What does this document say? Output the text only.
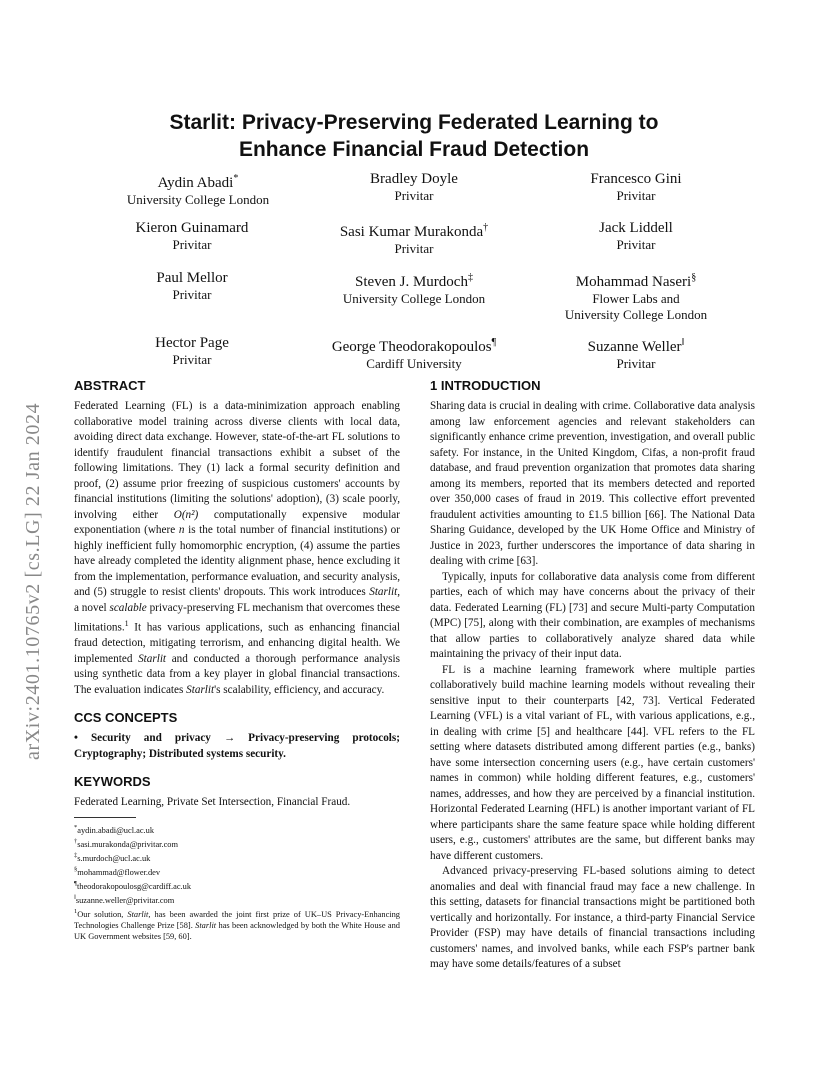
arXiv:2401.10765v2 [cs.LG] 22 Jan 2024
Starlit: Privacy-Preserving Federated Learning to
Enhance Financial Fraud Detection
Aydin Abadi*
University College London
Bradley Doyle
Privitar
Francesco Gini
Privitar
Kieron Guinamard
Privitar
Sasi Kumar Murakonda†
Privitar
Jack Liddell
Privitar
Paul Mellor
Privitar
Steven J. Murdoch‡
University College London
Mohammad Naseri§
Flower Labs and
University College London
Hector Page
Privitar
George Theodorakopoulos¶
Cardiff University
Suzanne Weller‖
Privitar
ABSTRACT

Federated Learning (FL) is a data-minimization approach enabling collaborative model training across diverse clients with local data, avoiding direct data exchange. However, state-of-the-art FL solutions to identify fraudulent financial transactions exhibit a subset of the following limitations. They (1) lack a formal security definition and proof, (2) assume prior freezing of suspicious customers' accounts by financial institutions (limiting the solutions' adoption), (3) scale poorly, involving either O(n²) computationally expensive modular exponentiation (where n is the total number of financial institutions) or highly inefficient fully homomorphic encryption, (4) assume the parties have already completed the identity alignment phase, hence excluding it from the implementation, performance evaluation, and security analysis, and (5) struggle to resist clients' dropouts. This work introduces Starlit, a novel scalable privacy-preserving FL mechanism that overcomes these limitations.$^1$ It has various applications, such as enhancing financial fraud detection, mitigating terrorism, and enhancing digital health. We implemented Starlit and conducted a thorough performance analysis using synthetic data from a key player in global financial transactions. The evaluation indicates Starlit's scalability, efficiency, and accuracy.

CCS CONCEPTS

• Security and privacy → Privacy-preserving protocols; Cryptography; Distributed systems security.

KEYWORDS

Federated Learning, Private Set Intersection, Financial Fraud.

*aydin.abadi@ucl.ac.uk

†sasi.murakonda@privitar.com

‡s.murdoch@ucl.ac.uk

§mohammad@flower.dev

¶theodorakopoulosg@cardiff.ac.uk

‖suzanne.weller@privitar.com

$^1$Our solution, Starlit, has been awarded the joint first prize of UK–US Privacy-Enhancing Technologies Challenge Prize [58]. Starlit has been acknowledged by both the White House and UK Government websites [59, 60].

1 INTRODUCTION

Sharing data is crucial in dealing with crime. Collaborative data analysis among law enforcement agencies and relevant stakeholders can significantly enhance crime prevention, investigation, and overall public safety. For instance, in the United Kingdom, Cifas, a non-profit fraud database, and fraud prevention organization that promotes data sharing among its members, reported that its members detected and reported over 350,000 cases of fraud in 2019. This collective effort prevented fraudulent activities amounting to £1.5 billion [66]. The National Data Sharing Guidance, developed by the UK Home Office and Ministry of Justice in 2023, further underscores the importance of data sharing in dealing with crime [63].

Typically, inputs for collaborative data analysis come from different parties, each of which may have concerns about the privacy of their data. Federated Learning (FL) [73] and secure Multi-party Computation (MPC) [75], along with their combination, are examples of mechanisms that allow parties to collaboratively analyze shared data while maintaining the privacy of their input data.

FL is a machine learning framework where multiple parties collaboratively build machine learning models without revealing their sensitive input to their counterparts [42, 73]. Vertical Federated Learning (VFL) is a vital variant of FL, with various applications, e.g., in dealing with crime [5] and healthcare [44]. VFL refers to the FL setting where datasets distributed among different parties (e.g., banks) have some intersection concerning users (e.g., have certain customers' names in common) while holding different features, e.g., customers' names, addresses, and how they are perceived by a financial institution. Horizontal Federated Learning (HFL) is another important variant of FL where participants share the same feature space while holding different users, e.g., customers' attributes are the same, but different banks may have different customers.

Advanced privacy-preserving FL-based solutions aiming to detect anomalies and deal with financial fraud may face a new challenge. In this setting, datasets for financial transactions might be partitioned both vertically and horizontally. For instance, a third-party Financial Service Provider (FSP) may have details of financial transactions including customers' names, and involved banks, while each FSP's partner bank may have some details/features of a subset
